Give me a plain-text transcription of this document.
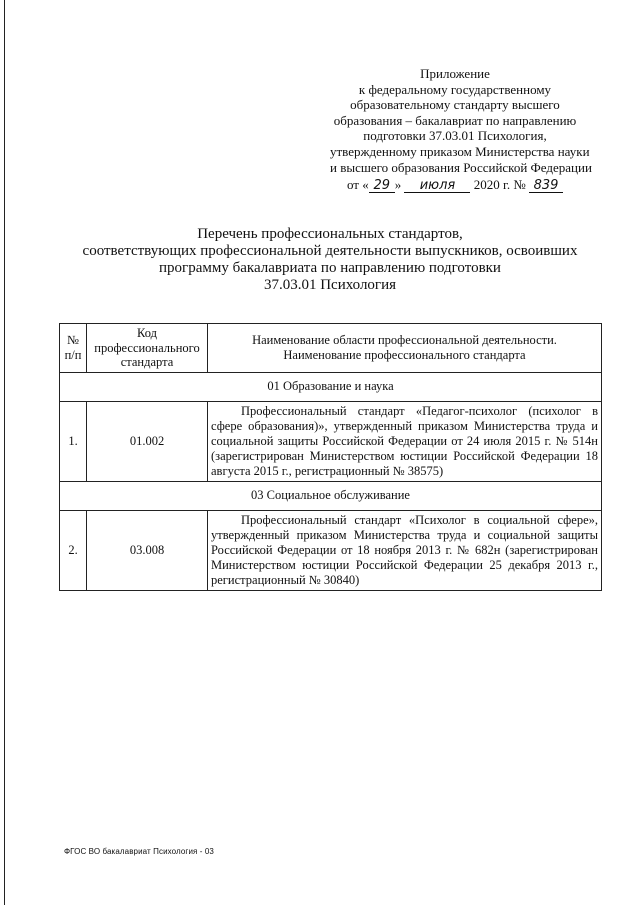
Приложение
к федеральному государственному
образовательному стандарту высшего
образования – бакалавриат по направлению
подготовки 37.03.01 Психология,
утвержденному приказом Министерства науки
и высшего образования Российской Федерации
от « 29 » июля 2020 г. № 839
Перечень профессиональных стандартов,
соответствующих профессиональной деятельности выпускников, освоивших
программу бакалавриата по направлению подготовки
37.03.01 Психология
№ п/п	Код профессионального стандарта	Наименование области профессиональной деятельности.
Наименование профессионального стандарта

01 Образование и наука		
1.	01.002	Профессиональный стандарт «Педагог-психолог (психолог в сфере образования)», утвержденный приказом Министерства труда и социальной защиты Российской Федерации от 24 июля 2015 г. № 514н (зарегистрирован Министерством юстиции Российской Федерации 18 августа 2015 г., регистрационный № 38575)
03 Социальное обслуживание		
2.	03.008	Профессиональный стандарт «Психолог в социальной сфере», утвержденный приказом Министерства труда и социальной защиты Российской Федерации от 18 ноября 2013 г. № 682н (зарегистрирован Министерством юстиции Российской Федерации 25 декабря 2013 г., регистрационный № 30840)
ФГОС ВО бакалавриат Психология - 03
